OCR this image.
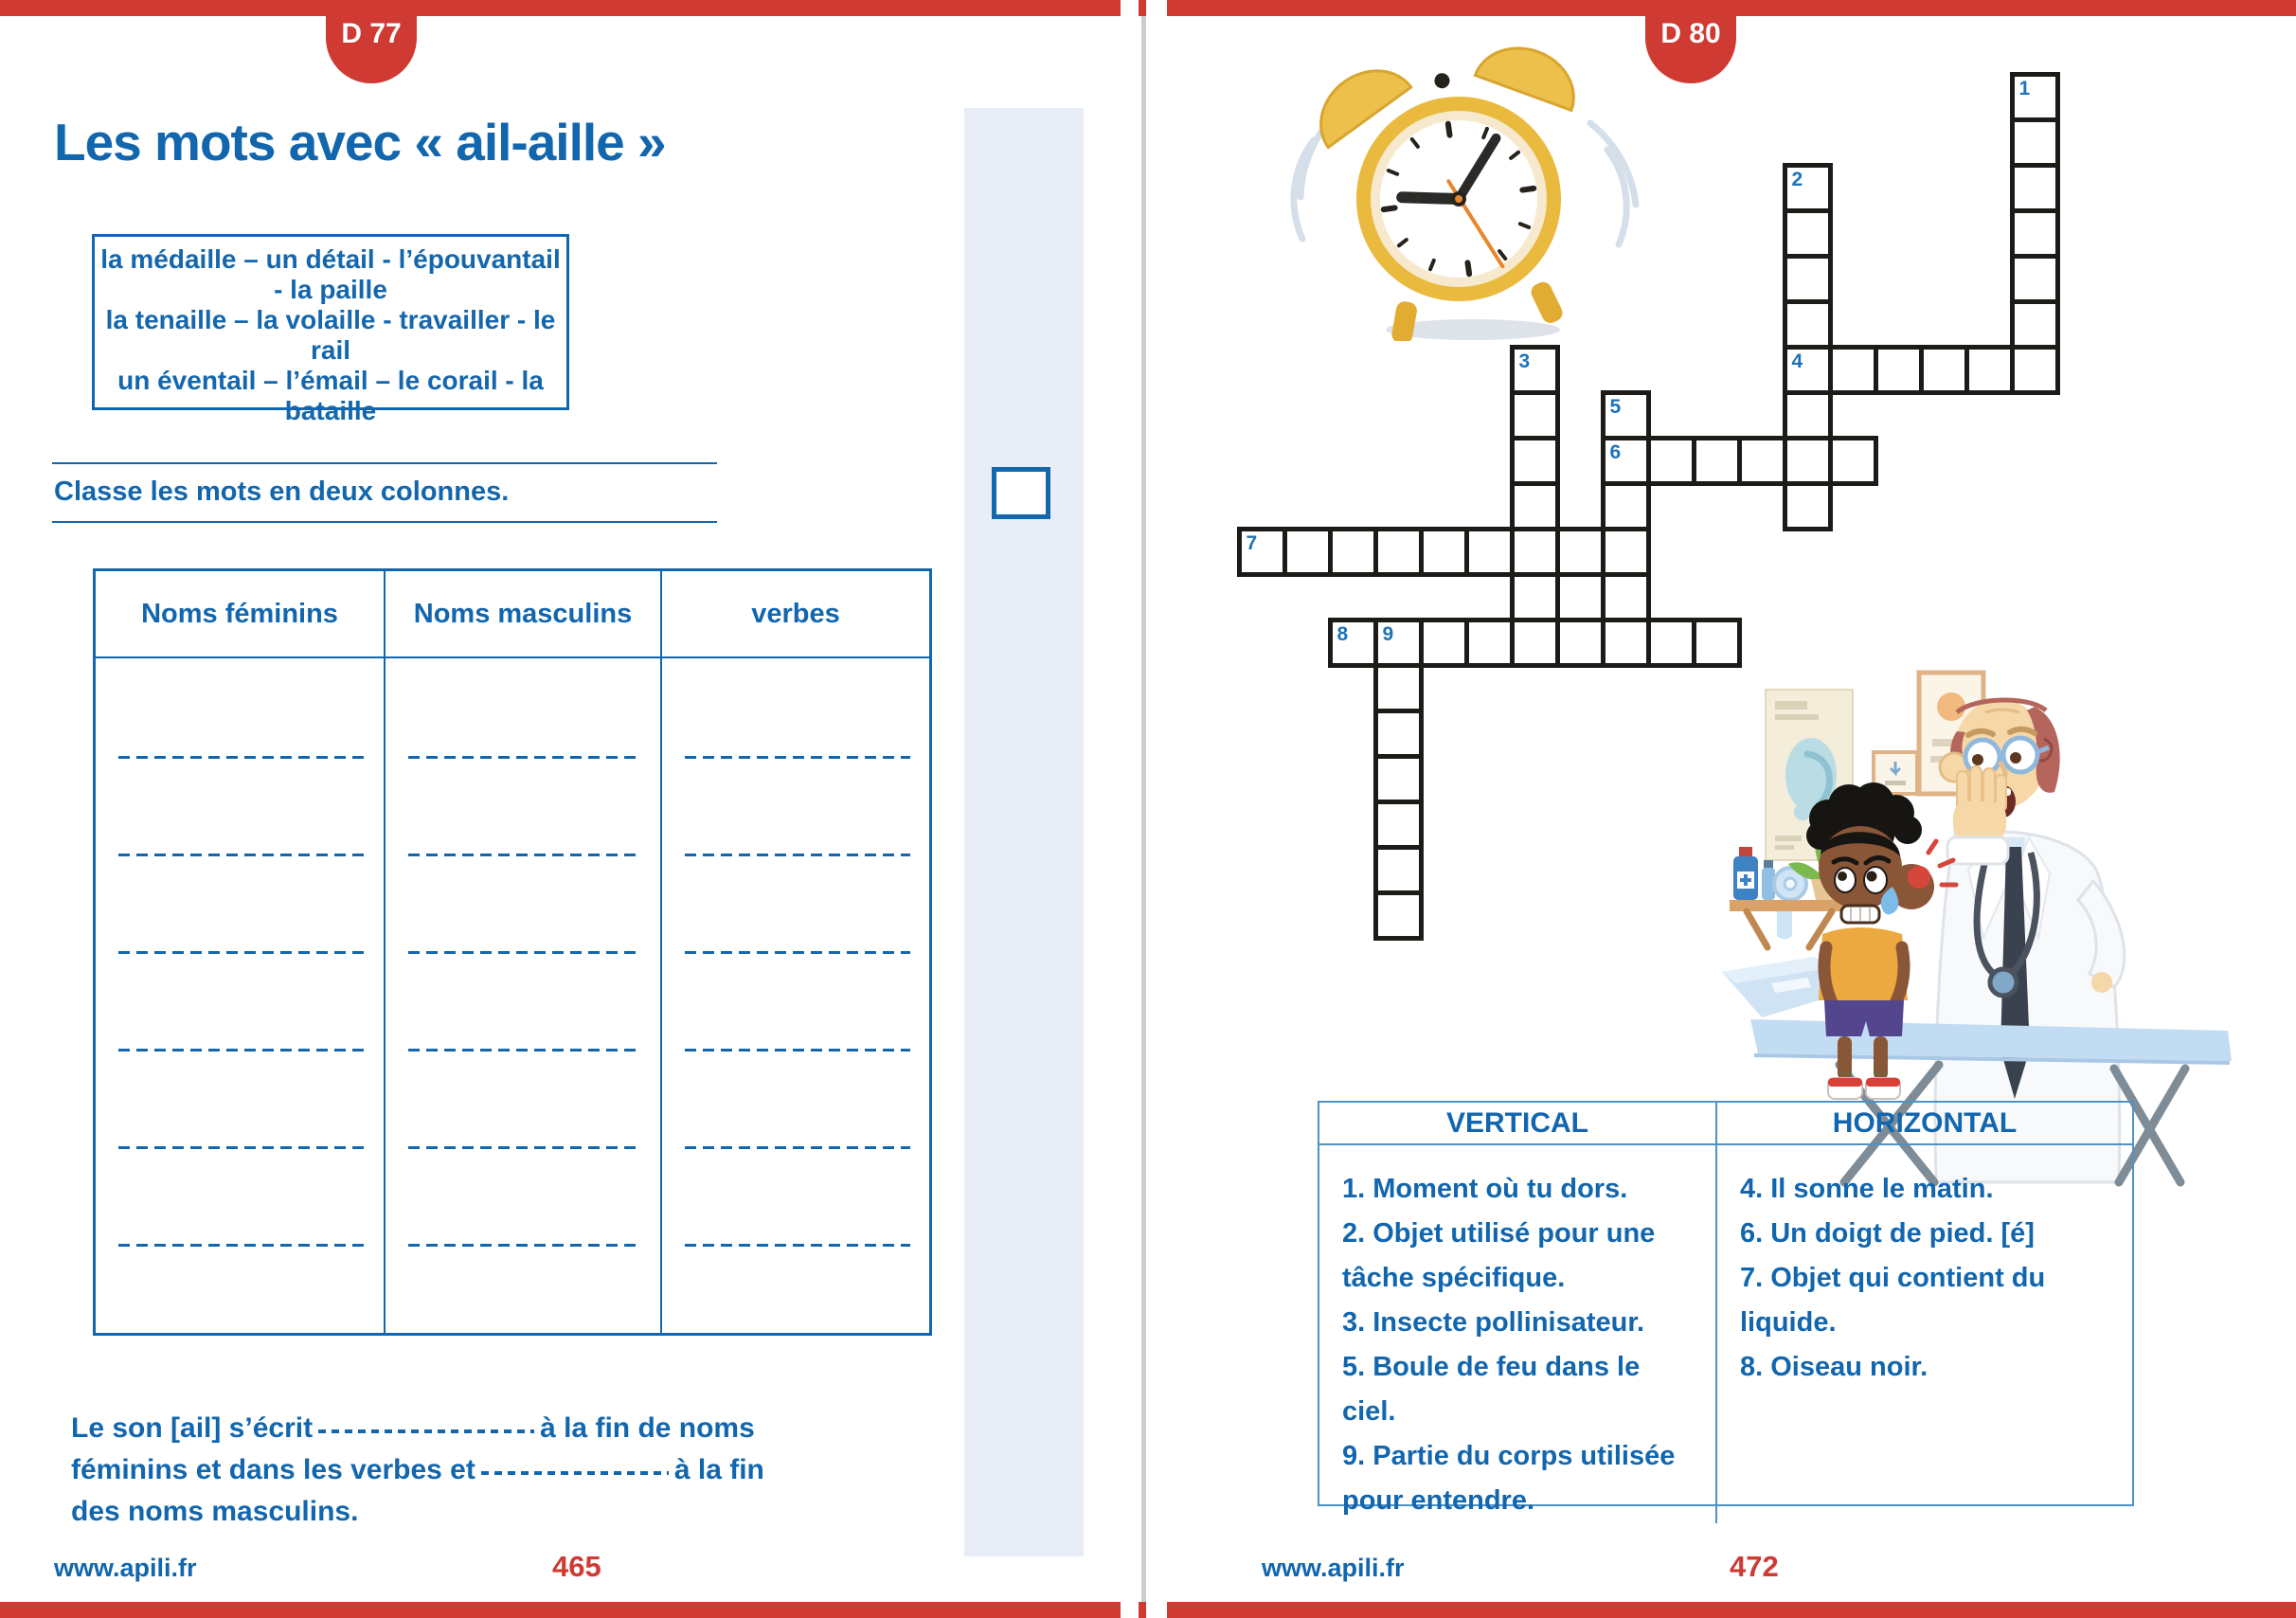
D 77
Les mots avec « ail-aille »
la médaille – un détail - l’épouvantail - la paille
la tenaille – la volaille - travailler - le rail
un éventail – l’émail – le corail - la bataille

Classe les mots en deux colonnes.

Noms féminins	Noms masculins	verbes

Le son [ail] s’écrit	à la fin de noms
féminins et dans les verbes et	à la fin
des noms masculins.

www.apili.fr	465
D 80
1
2
4
3
5
6
7
8 9
VERTICAL	HORIZONTAL

1. Moment où tu dors.

2. Objet utilisé pour une tâche spécifique.

3. Insecte pollinisateur.

5. Boule de feu dans le ciel.

9. Partie du corps utilisée pour entendre.

4. Il sonne le matin.

6. Un doigt de pied. [é]

7. Objet qui contient du liquide.

8. Oiseau noir.

www.apili.fr	472
